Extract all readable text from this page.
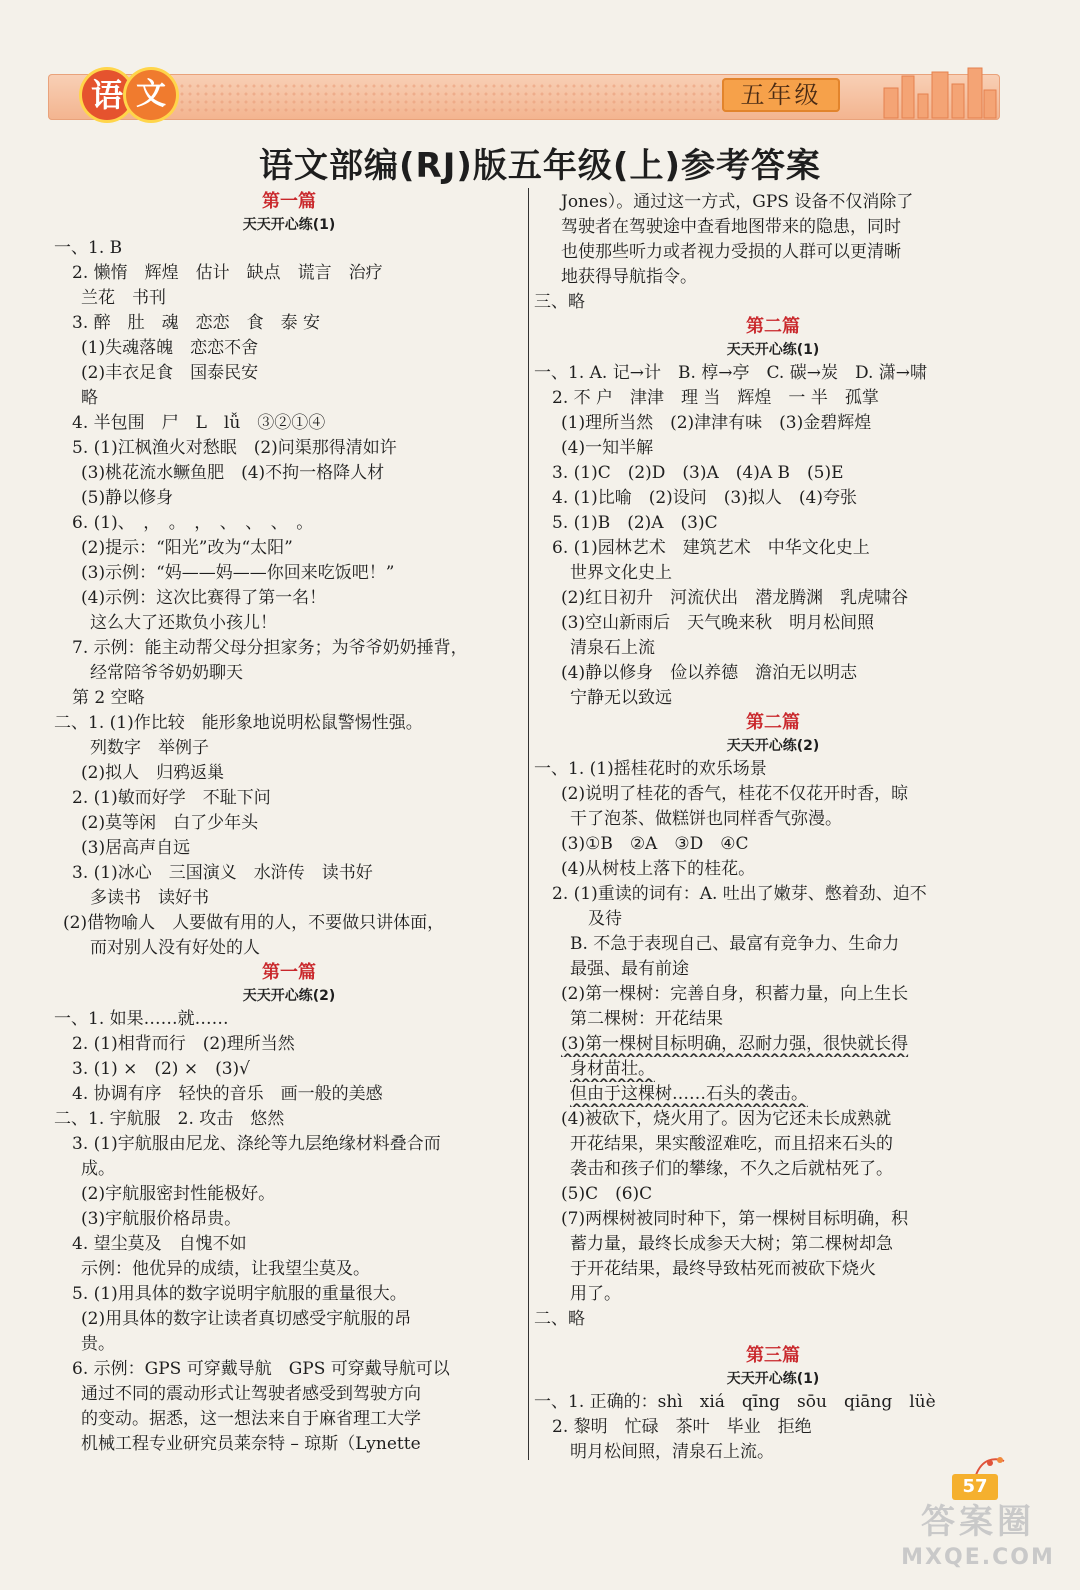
语 文	五年级
语文部编(RJ)版五年级(上)参考答案
第一篇
天天开心练(1)
一、1. B
2. 懒惰　辉煌　估计　缺点　谎言　治疗
兰花　书刊
3. 醉　肚　魂　恋恋　食　泰 安
(1)失魂落魄　恋恋不舍
(2)丰衣足食　国泰民安
略
4. 半包围　尸　L　lǚ　③②①④
5. (1)江枫渔火对愁眠　(2)问渠那得清如许
(3)桃花流水鳜鱼肥　(4)不拘一格降人材
(5)静以修身
6. (1)、　，　。　，　、　、　、　。
(2)提示：“阳光”改为“太阳”
(3)示例：“妈——妈——你回来吃饭吧！”
(4)示例：这次比赛得了第一名！
这么大了还欺负小孩儿！
7. 示例：能主动帮父母分担家务；为爷爷奶奶捶背，
经常陪爷爷奶奶聊天
第 2 空略
二、1. (1)作比较　能形象地说明松鼠警惕性强。
列数字　举例子
(2)拟人　归鸦返巢
2. (1)敏而好学　不耻下问
(2)莫等闲　白了少年头
(3)居高声自远
3. (1)冰心　三国演义　水浒传　读书好
多读书　读好书
(2)借物喻人　人要做有用的人，不要做只讲体面，
而对别人没有好处的人
第一篇
天天开心练(2)
一、1. 如果……就……
2. (1)相背而行　(2)理所当然
3. (1) ×　(2) ×　(3)√
4. 协调有序　轻快的音乐　画一般的美感
二、1. 宇航服　2. 攻击　悠然
3. (1)宇航服由尼龙、涤纶等九层绝缘材料叠合而
成。
(2)宇航服密封性能极好。
(3)宇航服价格昂贵。
4. 望尘莫及　自愧不如
示例：他优异的成绩，让我望尘莫及。
5. (1)用具体的数字说明宇航服的重量很大。
(2)用具体的数字让读者真切感受宇航服的昂
贵。
6. 示例：GPS 可穿戴导航　GPS 可穿戴导航可以
通过不同的震动形式让驾驶者感受到驾驶方向
的变动。据悉，这一想法来自于麻省理工大学
机械工程专业研究员莱奈特 – 琼斯（Lynette
Jones）。通过这一方式，GPS 设备不仅消除了
驾驶者在驾驶途中查看地图带来的隐患，同时
也使那些听力或者视力受损的人群可以更清晰
地获得导航指令。
三、略
第二篇
天天开心练(1)
一、1. A. 记→计　B. 椁→亭　C. 碳→炭　D. 潇→啸
2. 不 户　津津　理 当　辉煌　一 半　孤掌
(1)理所当然　(2)津津有味　(3)金碧辉煌
(4)一知半解
3. (1)C　(2)D　(3)A　(4)A B　(5)E
4. (1)比喻　(2)设问　(3)拟人　(4)夸张
5. (1)B　(2)A　(3)C
6. (1)园林艺术　建筑艺术　中华文化史上
世界文化史上
(2)红日初升　河流伏出　潜龙腾渊　乳虎啸谷
(3)空山新雨后　天气晚来秋　明月松间照
清泉石上流
(4)静以修身　俭以养德　澹泊无以明志
宁静无以致远
第二篇
天天开心练(2)
一、1. (1)摇桂花时的欢乐场景
(2)说明了桂花的香气，桂花不仅花开时香，晾
干了泡茶、做糕饼也同样香气弥漫。
(3)①B　②A　③D　④C
(4)从树枝上落下的桂花。
2. (1)重读的词有：A. 吐出了嫩芽、憋着劲、迫不
及待
B. 不急于表现自己、最富有竞争力、生命力
最强、最有前途
(2)第一棵树：完善自身，积蓄力量，向上生长
第二棵树：开花结果
(3)第一棵树目标明确，忍耐力强，很快就长得
身材苗壮。
但由于这棵树……石头的袭击。
(4)被砍下，烧火用了。因为它还未长成熟就
开花结果，果实酸涩难吃，而且招来石头的
袭击和孩子们的攀缘，不久之后就枯死了。
(5)C　(6)C
(7)两棵树被同时种下，第一棵树目标明确，积
蓄力量，最终长成参天大树；第二棵树却急
于开花结果，最终导致枯死而被砍下烧火
用了。
二、略
第三篇
天天开心练(1)
一、1. 正确的：shì　xiá　qīng　sōu　qiāng　lüè
2. 黎明　忙碌　茶叶　毕业　拒绝
明月松间照，清泉石上流。
57
答案圈
MXQE.COM
